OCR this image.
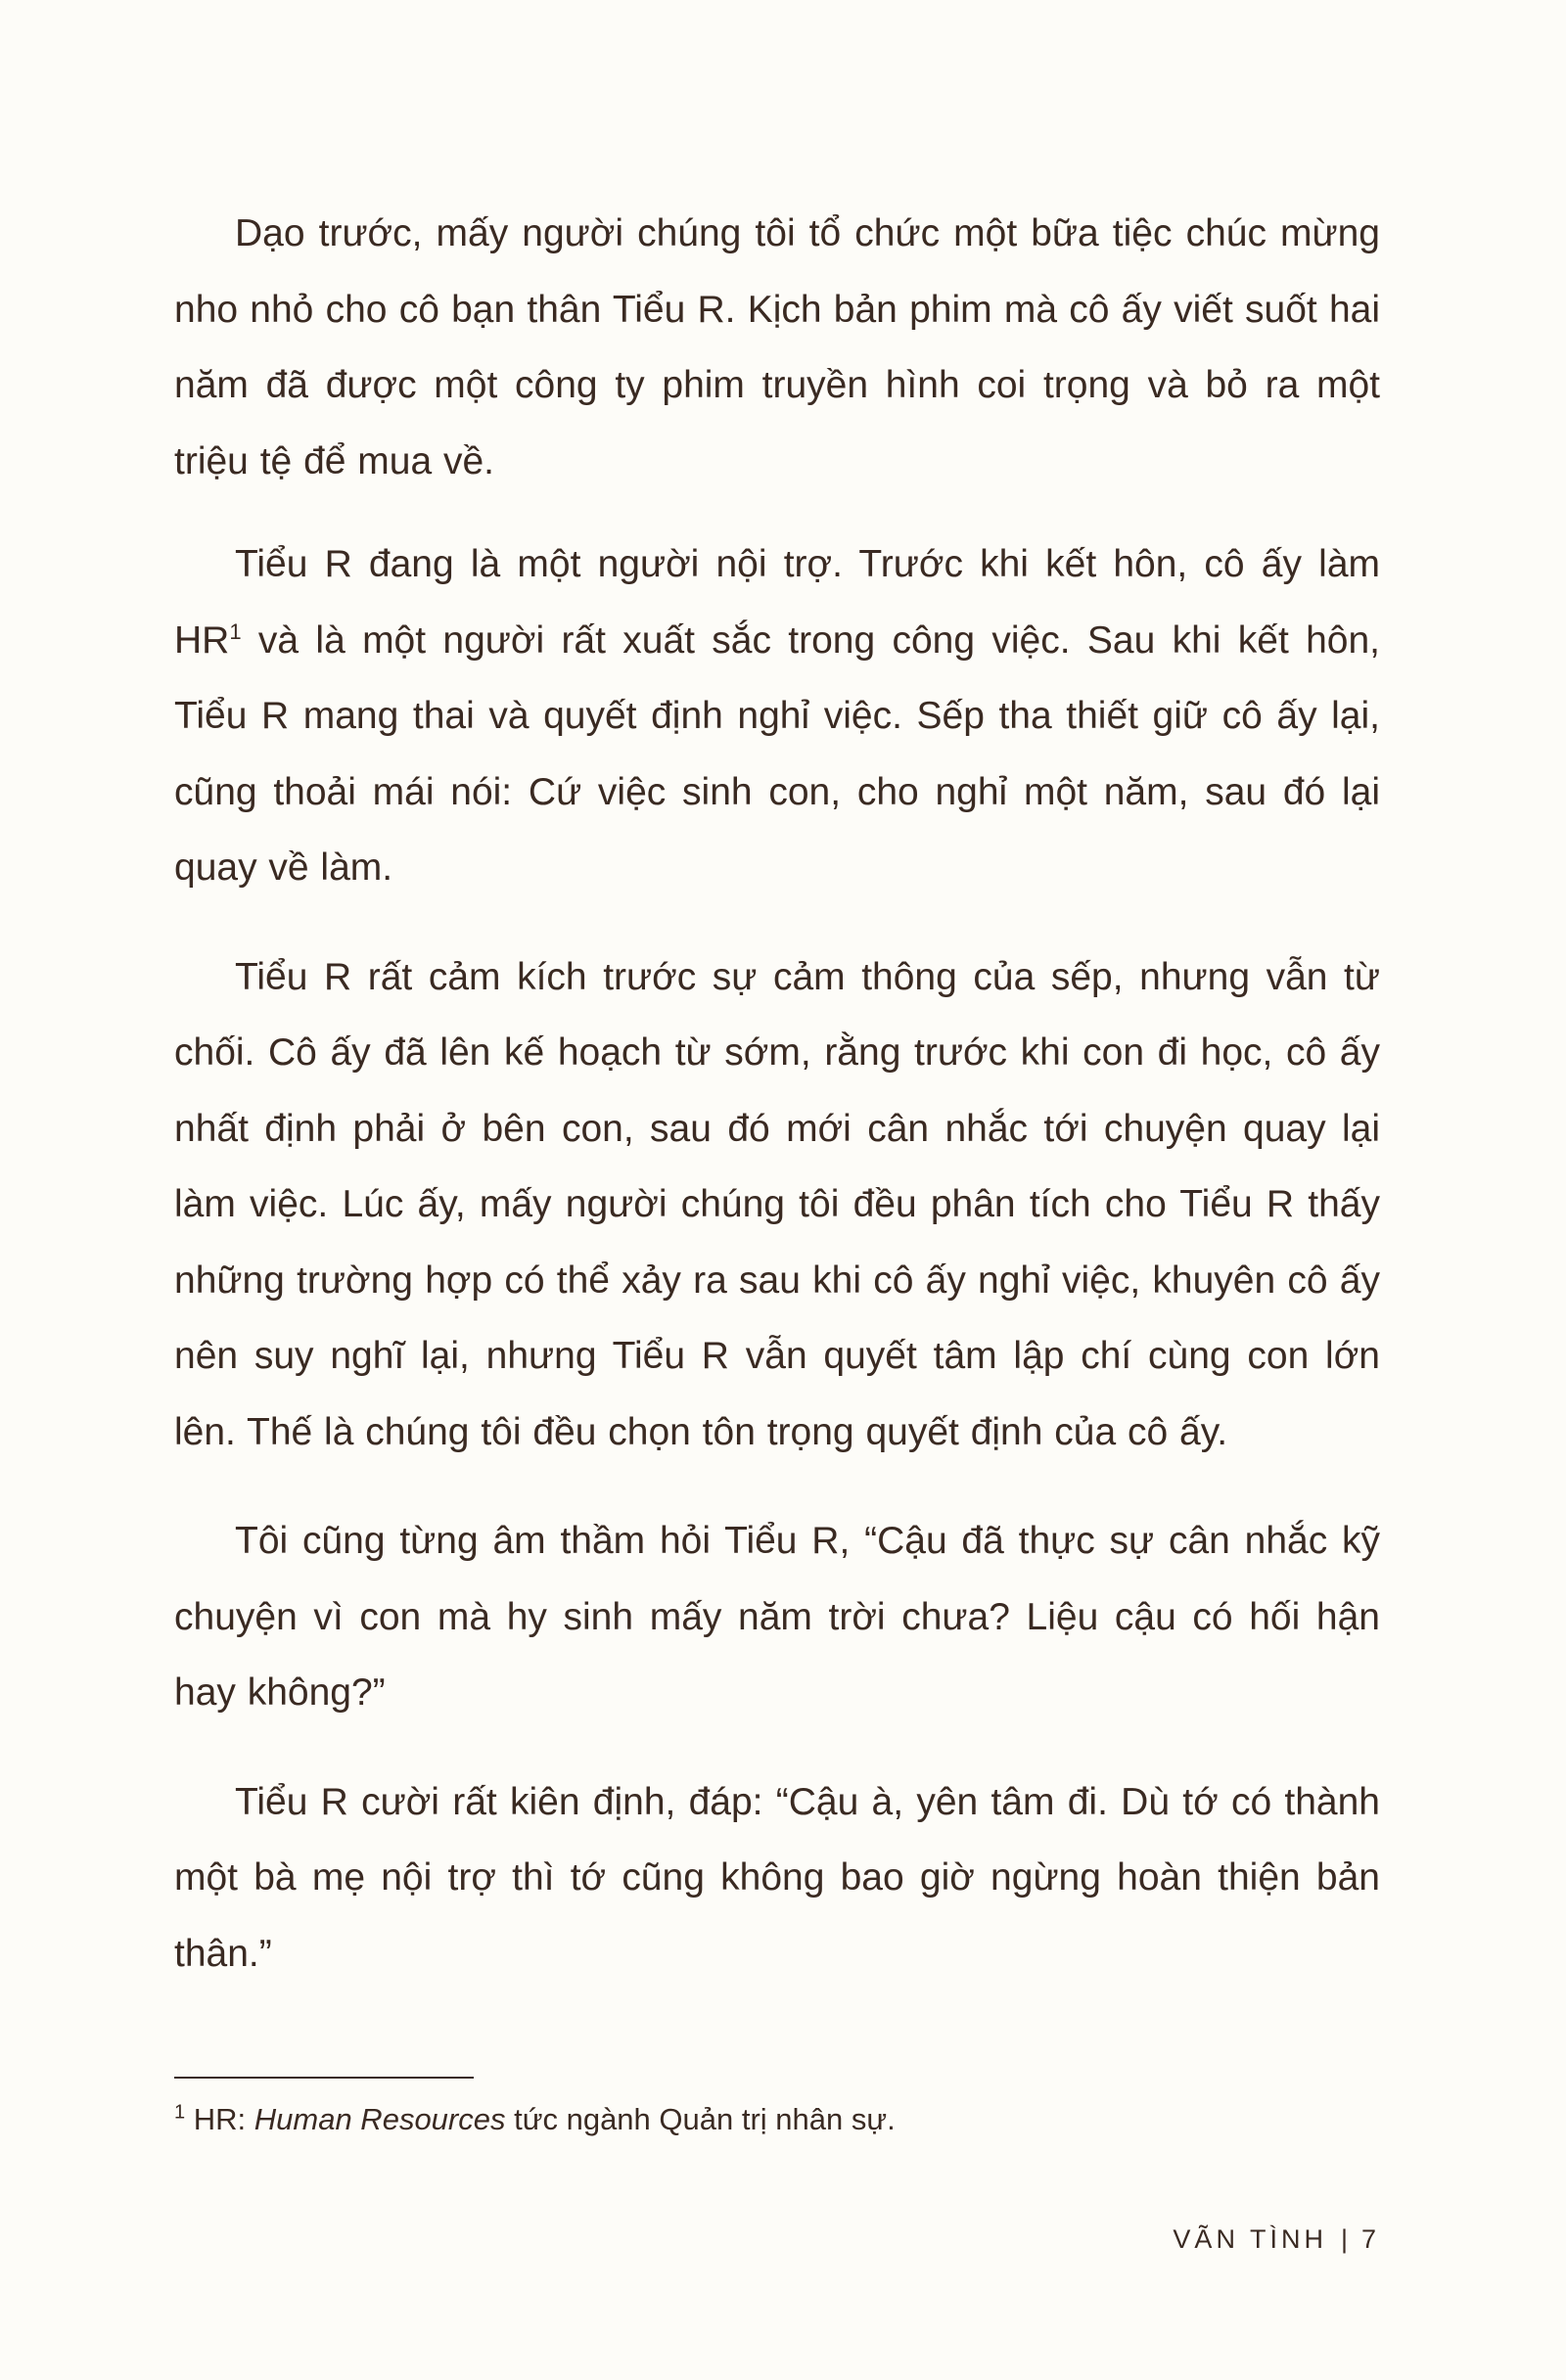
Dạo trước, mấy người chúng tôi tổ chức một bữa tiệc chúc mừng nho nhỏ cho cô bạn thân Tiểu R. Kịch bản phim mà cô ấy viết suốt hai năm đã được một công ty phim truyền hình coi trọng và bỏ ra một triệu tệ để mua về.

Tiểu R đang là một người nội trợ. Trước khi kết hôn, cô ấy làm $HR^1$ và là một người rất xuất sắc trong công việc. Sau khi kết hôn, Tiểu R mang thai và quyết định nghỉ việc. Sếp tha thiết giữ cô ấy lại, cũng thoải mái nói: Cứ việc sinh con, cho nghỉ một năm, sau đó lại quay về làm.

Tiểu R rất cảm kích trước sự cảm thông của sếp, nhưng vẫn từ chối. Cô ấy đã lên kế hoạch từ sớm, rằng trước khi con đi học, cô ấy nhất định phải ở bên con, sau đó mới cân nhắc tới chuyện quay lại làm việc. Lúc ấy, mấy người chúng tôi đều phân tích cho Tiểu R thấy những trường hợp có thể xảy ra sau khi cô ấy nghỉ việc, khuyên cô ấy nên suy nghĩ lại, nhưng Tiểu R vẫn quyết tâm lập chí cùng con lớn lên. Thế là chúng tôi đều chọn tôn trọng quyết định của cô ấy.

Tôi cũng từng âm thầm hỏi Tiểu R, “Cậu đã thực sự cân nhắc kỹ chuyện vì con mà hy sinh mấy năm trời chưa? Liệu cậu có hối hận hay không?”

Tiểu R cười rất kiên định, đáp: “Cậu à, yên tâm đi. Dù tớ có thành một bà mẹ nội trợ thì tớ cũng không bao giờ ngừng hoàn thiện bản thân.”

$^1$ HR: Human Resources tức ngành Quản trị nhân sự.
VÃN TÌNH | 7
